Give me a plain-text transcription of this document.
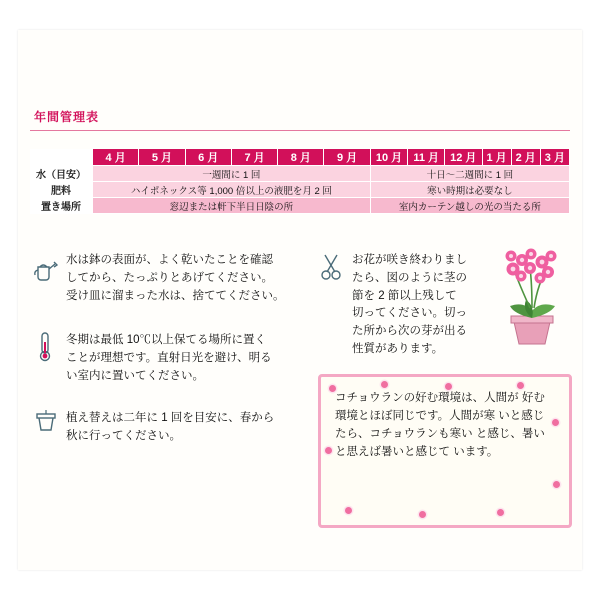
年間管理表
	4 月	5 月	6 月	7 月	8 月	9 月	10 月	11 月	12 月	1 月	2 月	3 月
水（目安）	一週間に 1 回						十日～二週間に 1 回					
肥料	ハイポネックス等 1,000 倍以上の液肥を月 2 回						寒い時期は必要なし					
置き場所	窓辺または軒下半日日陰の所						室内カーテン越しの光の当たる所					
水は鉢の表面が、よく乾いたことを確認
してから、たっぷりとあげてください。
受け皿に溜まった水は、捨ててください。
冬期は最低 10℃以上保てる場所に置く
ことが理想です。直射日光を避け、明る
い室内に置いてください。
植え替えは二年に 1 回を目安に、春から
秋に行ってください。
お花が咲き終わりまし
たら、図のように茎の
節を 2 節以上残して
切ってください。切っ
た所から次の芽が出る
性質があります。
コチョウランの好む環境は、人間が 好む環境とほぼ同じです。人間が寒 いと感じたら、コチョウランも寒い と感じ、暑いと思えば暑いと感じて います。
